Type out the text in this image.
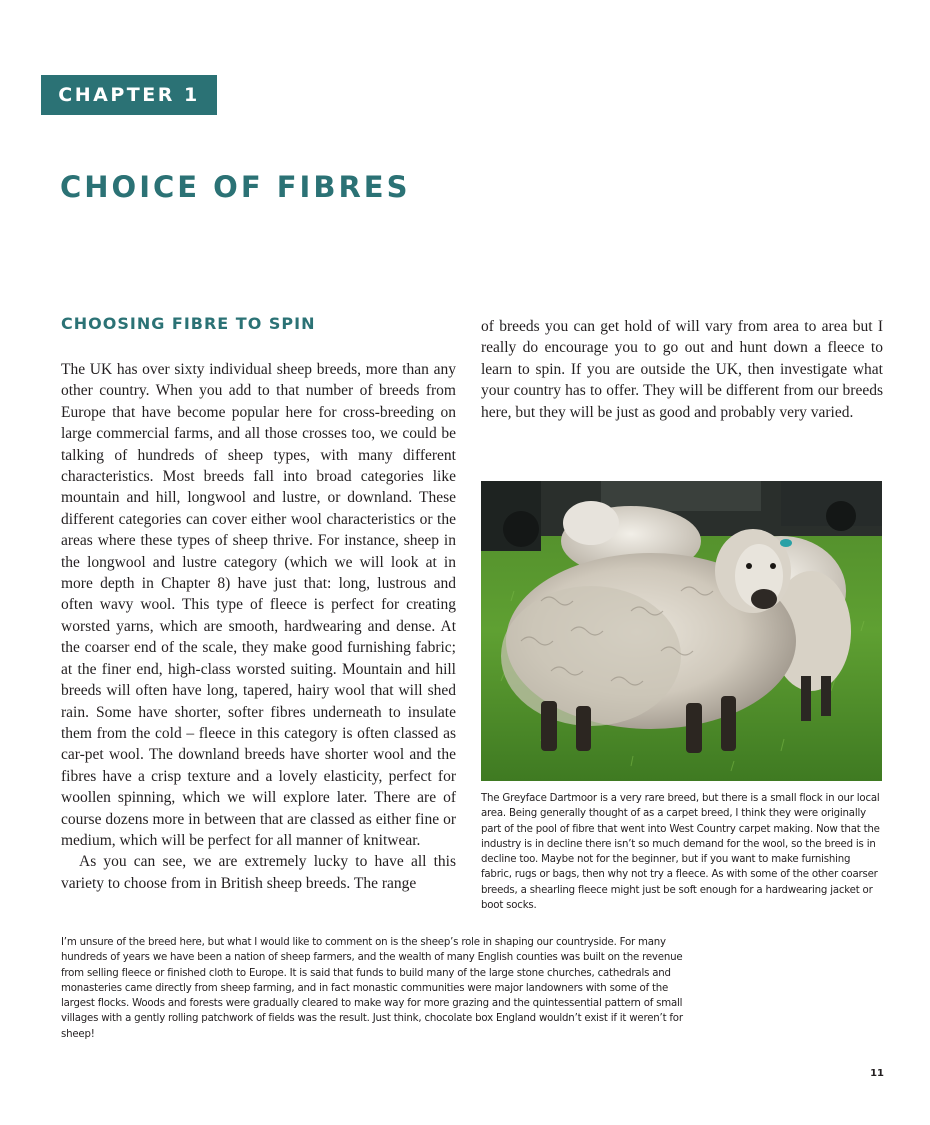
CHAPTER 1
CHOICE OF FIBRES
CHOOSING FIBRE TO SPIN

The UK has over sixty individual sheep breeds, more than any other country. When you add to that number of breeds from Europe that have become popular here for cross-breeding on large commercial farms, and all those crosses too, we could be talking of hundreds of sheep types, with many different characteristics. Most breeds fall into broad categories like mountain and hill, longwool and lustre, or downland. These different categories can cover either wool characteristics or the areas where these types of sheep thrive. For instance, sheep in the longwool and lustre category (which we will look at in more depth in Chapter 8) have just that: long, lustrous and often wavy wool. This type of fleece is perfect for creating worsted yarns, which are smooth, hardwearing and dense. At the coarser end of the scale, they make good furnishing fabric; at the finer end, high-class worsted suiting. Mountain and hill breeds will often have long, tapered, hairy wool that will shed rain. Some have shorter, softer fibres underneath to insulate them from the cold – fleece in this category is often classed as car-pet wool. The downland breeds have shorter wool and the fibres have a crisp texture and a lovely elasticity, perfect for woollen spinning, which we will explore later. There are of course dozens more in between that are classed as either fine or medium, which will be perfect for all manner of knitwear.

As you can see, we are extremely lucky to have all this variety to choose from in British sheep breeds. The range

of breeds you can get hold of will vary from area to area but I really do encourage you to go out and hunt down a fleece to learn to spin. If you are outside the UK, then investigate what your country has to offer. They will be different from our breeds here, but they will be just as good and probably very varied.

The Greyface Dartmoor is a very rare breed, but there is a small flock in our local area. Being generally thought of as a carpet breed, I think they were originally part of the pool of fibre that went into West Country carpet making. Now that the industry is in decline there isn’t so much demand for the wool, so the breed is in decline too. Maybe not for the beginner, but if you want to make furnishing fabric, rugs or bags, then why not try a fleece. As with some of the other coarser breeds, a shearling fleece might just be soft enough for a hardwearing jacket or boot socks.

I’m unsure of the breed here, but what I would like to comment on is the sheep’s role in shaping our countryside. For many hundreds of years we have been a nation of sheep farmers, and the wealth of many English counties was built on the revenue from selling fleece or finished cloth to Europe. It is said that funds to build many of the large stone churches, cathedrals and monasteries came directly from sheep farming, and in fact monastic communities were major landowners with some of the largest flocks. Woods and forests were gradually cleared to make way for more grazing and the quintessential pattern of small villages with a gently rolling patchwork of fields was the result. Just think, chocolate box England wouldn’t exist if it weren’t for sheep!

11
